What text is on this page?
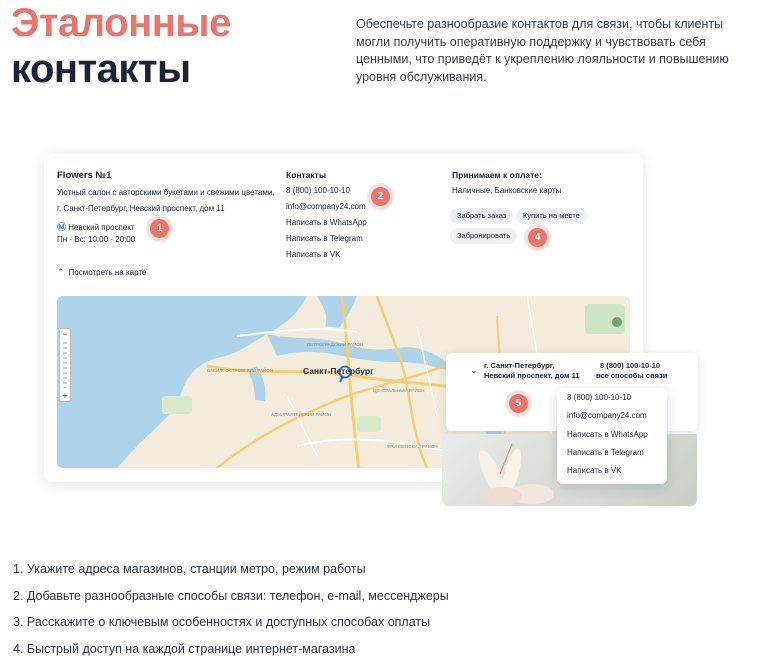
Эталонные
контакты

Обеспечьте разнообразие контактов для связи, чтобы клиенты могли получить оперативную поддержку и чувствовать себя ценными, что приведёт к укреплению лояльности и повышению уровня обслуживания.

Flowers №1
Уютный салон с авторскими букетами и свежими цветами.
г. Санкт-Петербург, Невский проспект, дом 11
Ⓜ Невский проспект
Пн - Вс: 10:00 - 20:00
⌃ Посмотреть на карте
Контакты
8 (800) 100-10-10
info@company24.com
Написать в WhatsApp
Написать в Telegram
Написать в VK
Принимаем к оплате:
Наличные, Банковские карты
Забрать заказ	Купить на месте
Забронировать
Санкт-Петербург
ВАСИЛЕОСТРОВСКИЙ РАЙОН
ПЕТРОГРАДСКИЙ РАЙОН
ЦЕНТРАЛЬНЫЙ РАЙОН
АДМИРАЛТЕЙСКИЙ РАЙОН
ФРУНЗЕНСКИЙ РАЙОН
−
+
1
2
4
⌄ г. Санкт-Петербург,
Невский проспект, дом 11
8 (800) 100-10-10
все способы связи
5
8 (800) 100-10-10
info@company24.com
Написать в WhatsApp
Написать в Telegram
Написать в VK
1. Укажите адреса магазинов, станции метро, режим работы
2. Добавьте разнообразные способы связи: телефон, e-mail, мессенджеры
3. Расскажите о ключевым особенностях и доступных способах оплаты
4. Быстрый доступ на каждой странице интернет-магазина
